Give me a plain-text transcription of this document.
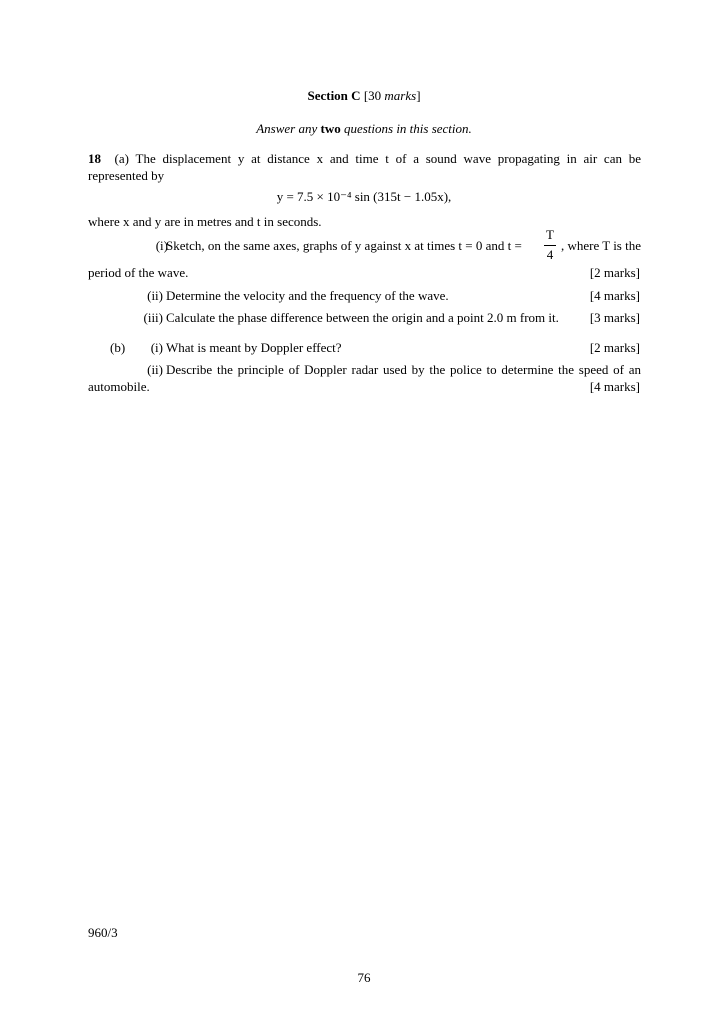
Section C [30 marks]
Answer any two questions in this section.
18 (a) The displacement y at distance x and time t of a sound wave propagating in air can be
represented by
y = 7.5 × 10⁻⁴ sin (315t − 1.05x),
where x and y are in metres and t in seconds.
(i)
Sketch, on the same axes, graphs of y against x at times t = 0 and t =
T
4
, where T is the
period of the wave.	[2 marks]
(ii) Determine the velocity and the frequency of the wave.	[4 marks]
(iii) Calculate the phase difference between the origin and a point 2.0 m from it. [3 marks]
(b)	(i) What is meant by Doppler effect?	[2 marks]
(ii) Describe the principle of Doppler radar used by the police to determine the speed of an
automobile.	[4 marks]
960/3
76
